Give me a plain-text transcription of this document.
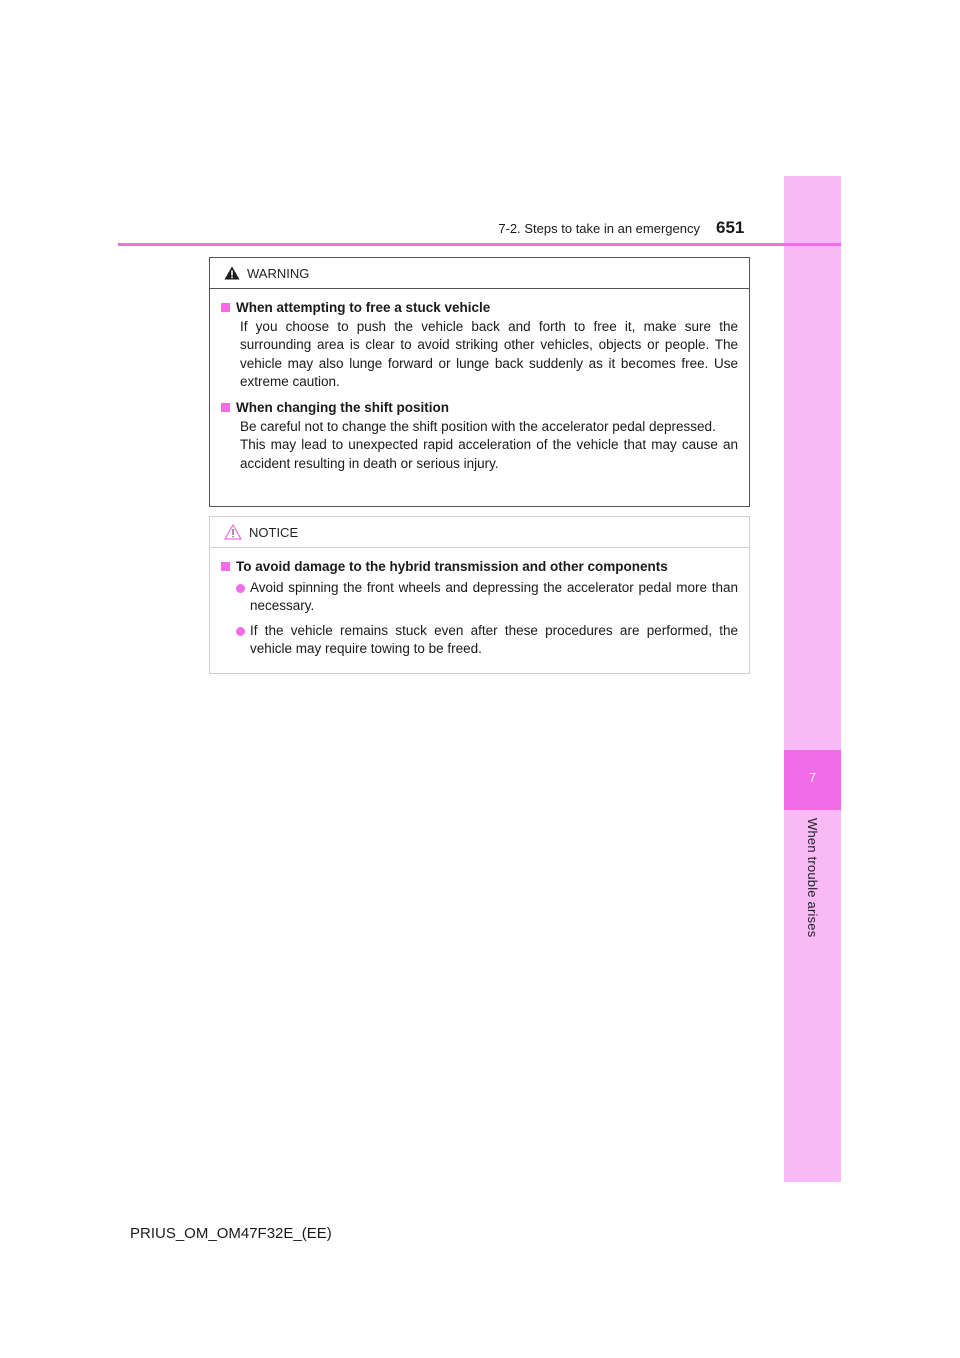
7
When trouble arises
7-2. Steps to take in an emergency 651
WARNING
When attempting to free a stuck vehicle
If you choose to push the vehicle back and forth to free it, make sure the surrounding area is clear to avoid striking other vehicles, objects or people. The vehicle may also lunge forward or lunge back suddenly as it becomes free. Use extreme caution.
When changing the shift position
Be careful not to change the shift position with the accelerator pedal depressed.
This may lead to unexpected rapid acceleration of the vehicle that may cause an accident resulting in death or serious injury.
NOTICE
To avoid damage to the hybrid transmission and other components
Avoid spinning the front wheels and depressing the accelerator pedal more than necessary.
If the vehicle remains stuck even after these procedures are performed, the vehicle may require towing to be freed.
PRIUS_OM_OM47F32E_(EE)
